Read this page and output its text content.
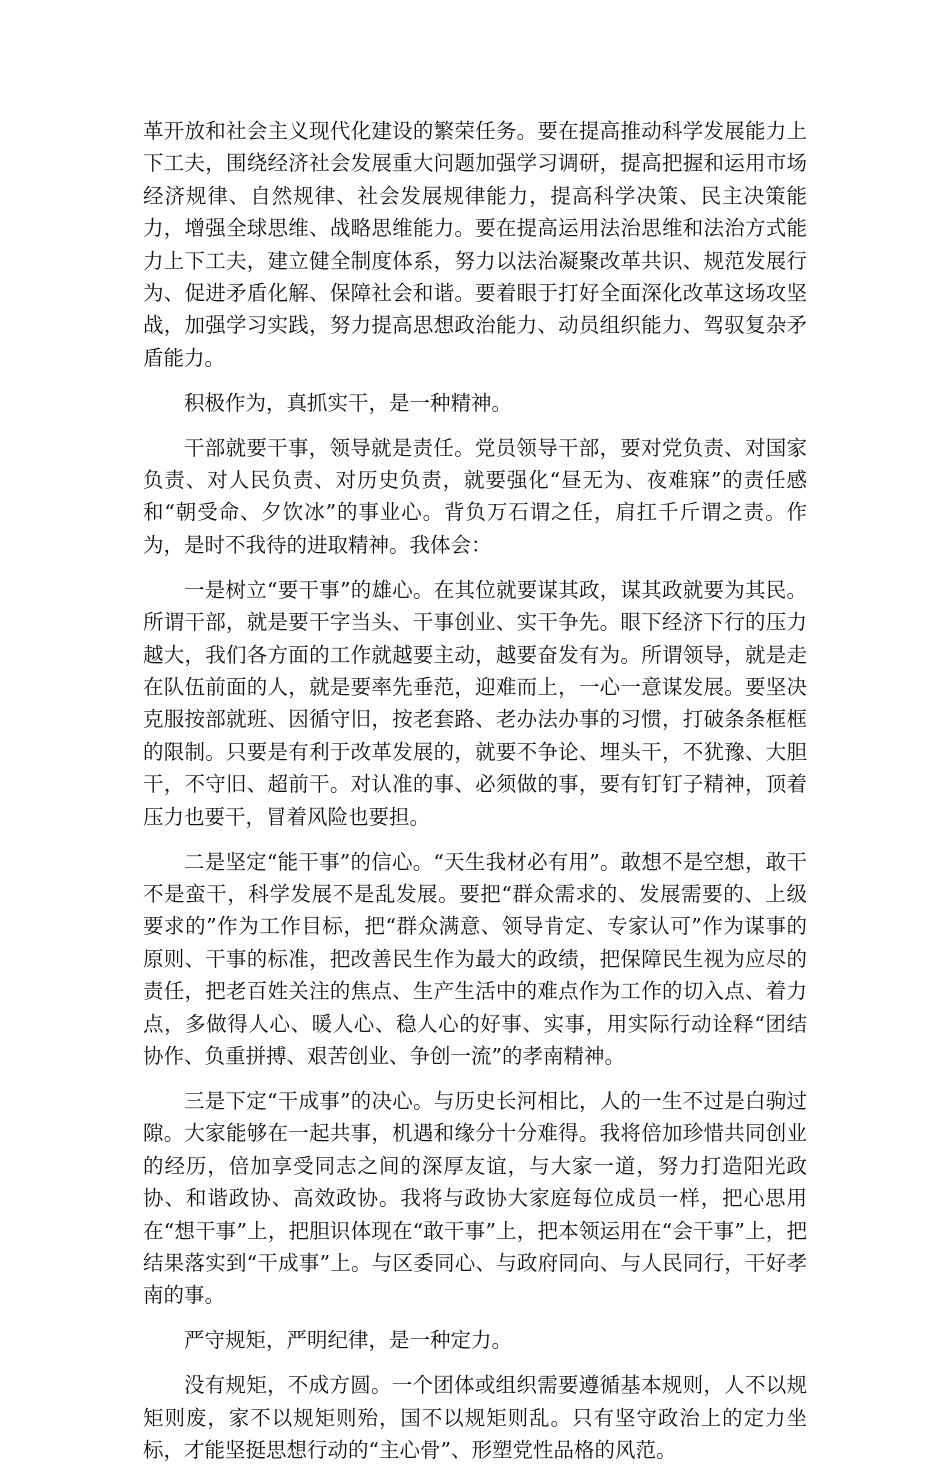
革开放和社会主义现代化建设的繁荣任务。要在提高推动科学发展能力上下工夫，围绕经济社会发展重大问题加强学习调研，提高把握和运用市场经济规律、自然规律、社会发展规律能力，提高科学决策、民主决策能力，增强全球思维、战略思维能力。要在提高运用法治思维和法治方式能力上下工夫，建立健全制度体系，努力以法治凝聚改革共识、规范发展行为、促进矛盾化解、保障社会和谐。要着眼于打好全面深化改革这场攻坚战，加强学习实践，努力提高思想政治能力、动员组织能力、驾驭复杂矛盾能力。

积极作为，真抓实干，是一种精神。

干部就要干事，领导就是责任。党员领导干部，要对党负责、对国家负责、对人民负责、对历史负责，就要强化“昼无为、夜难寐”的责任感和“朝受命、夕饮冰”的事业心。背负万石谓之任，肩扛千斤谓之责。作为，是时不我待的进取精神。我体会：

一是树立“要干事”的雄心。在其位就要谋其政，谋其政就要为其民。所谓干部，就是要干字当头、干事创业、实干争先。眼下经济下行的压力越大，我们各方面的工作就越要主动，越要奋发有为。所谓领导，就是走在队伍前面的人，就是要率先垂范，迎难而上，一心一意谋发展。要坚决克服按部就班、因循守旧，按老套路、老办法办事的习惯，打破条条框框的限制。只要是有利于改革发展的，就要不争论、埋头干，不犹豫、大胆干，不守旧、超前干。对认准的事、必须做的事，要有钉钉子精神，顶着压力也要干，冒着风险也要担。

二是坚定“能干事”的信心。“天生我材必有用”。敢想不是空想，敢干不是蛮干，科学发展不是乱发展。要把“群众需求的、发展需要的、上级要求的”作为工作目标，把“群众满意、领导肯定、专家认可”作为谋事的原则、干事的标准，把改善民生作为最大的政绩，把保障民生视为应尽的责任，把老百姓关注的焦点、生产生活中的难点作为工作的切入点、着力点，多做得人心、暖人心、稳人心的好事、实事，用实际行动诠释“团结协作、负重拼搏、艰苦创业、争创一流”的孝南精神。

三是下定“干成事”的决心。与历史长河相比，人的一生不过是白驹过隙。大家能够在一起共事，机遇和缘分十分难得。我将倍加珍惜共同创业的经历，倍加享受同志之间的深厚友谊，与大家一道，努力打造阳光政协、和谐政协、高效政协。我将与政协大家庭每位成员一样，把心思用在“想干事”上，把胆识体现在“敢干事”上，把本领运用在“会干事”上，把结果落实到“干成事”上。与区委同心、与政府同向、与人民同行，干好孝南的事。

严守规矩，严明纪律，是一种定力。

没有规矩，不成方圆。一个团体或组织需要遵循基本规则，人不以规矩则废，家不以规矩则殆，国不以规矩则乱。只有坚守政治上的定力坐标，才能坚挺思想行动的“主心骨”、形塑党性品格的风范。
